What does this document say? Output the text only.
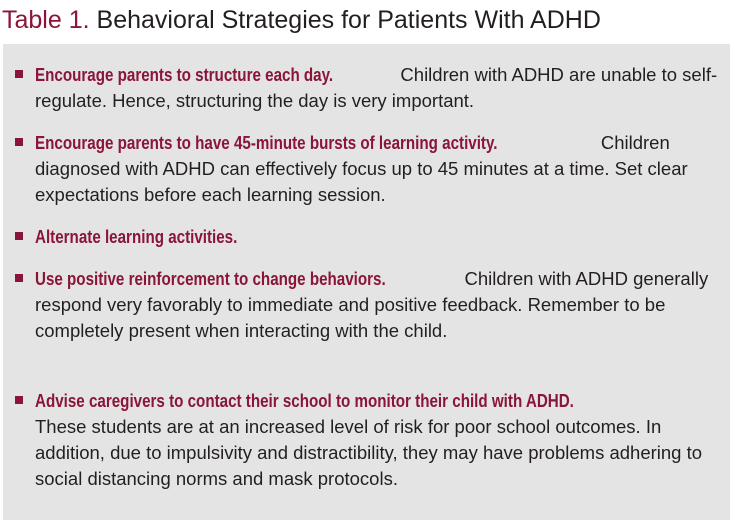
Table 1. Behavioral Strategies for Patients With ADHD
Encourage parents to structure each day.	Children with ADHD are unable to self-regulate. Hence, structuring the day is very important.
Encourage parents to have 45-minute bursts of learning activity.	Children diagnosed with ADHD can effectively focus up to 45 minutes at a time. Set clear expectations before each learning session.
Alternate learning activities.
Use positive reinforcement to change behaviors.	Children with ADHD generally respond very favorably to immediate and positive feedback. Remember to be completely present when interacting with the child.
Advise caregivers to contact their school to monitor their child with ADHD. These students are at an increased level of risk for poor school outcomes. In addition, due to impulsivity and distractibility, they may have problems adhering to social distancing norms and mask protocols.
